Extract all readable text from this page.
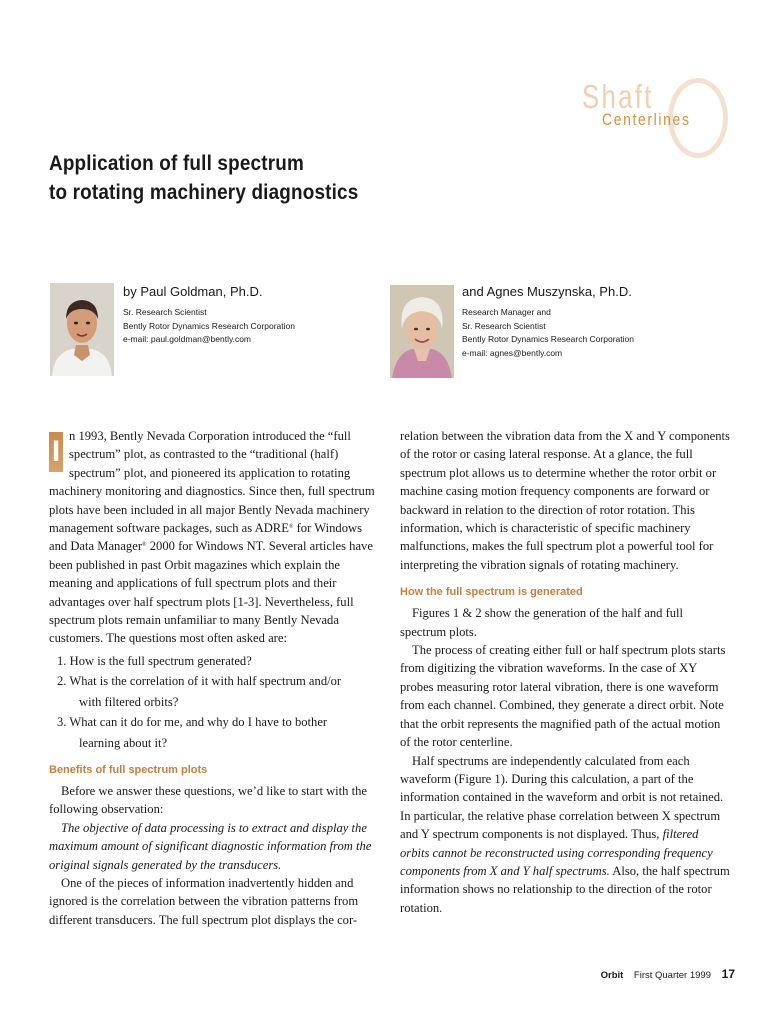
Shaft
Centerlines
Application of full spectrum
to rotating machinery diagnostics
by Paul Goldman, Ph.D.
Sr. Research Scientist
Bently Rotor Dynamics Research Corporation
e-mail: paul.goldman@bently.com
and Agnes Muszynska, Ph.D.
Research Manager and
Sr. Research Scientist
Bently Rotor Dynamics Research Corporation
e-mail: agnes@bently.com
I n 1993, Bently Nevada Corporation introduced the “full spectrum” plot, as contrasted to the “traditional (half) spectrum” plot, and pioneered its application to rotating machinery monitoring and diagnostics. Since then, full spectrum plots have been included in all major Bently Nevada machinery management software packages, such as ADRE® for Windows and Data Manager® 2000 for Windows NT. Several articles have been published in past Orbit magazines which explain the meaning and applications of full spectrum plots and their advantages over half spectrum plots [1-3]. Nevertheless, full spectrum plots remain unfamiliar to many Bently Nevada customers. The questions most often asked are:

1. How is the full spectrum generated?
2. What is the correlation of it with half spectrum and/or
with filtered orbits?
3. What can it do for me, and why do I have to bother
learning about it?
Benefits of full spectrum plots

Before we answer these questions, we’d like to start with the following observation:

The objective of data processing is to extract and display the maximum amount of significant diagnostic information from the original signals generated by the transducers.

One of the pieces of information inadvertently hidden and ignored is the correlation between the vibration patterns from different transducers. The full spectrum plot displays the cor-

relation between the vibration data from the X and Y components of the rotor or casing lateral response. At a glance, the full spectrum plot allows us to determine whether the rotor orbit or machine casing motion frequency components are forward or backward in relation to the direction of rotor rotation. This information, which is characteristic of specific machinery malfunctions, makes the full spectrum plot a powerful tool for interpreting the vibration signals of rotating machinery.

How the full spectrum is generated

Figures 1 & 2 show the generation of the half and full spectrum plots.

The process of creating either full or half spectrum plots starts from digitizing the vibration waveforms. In the case of XY probes measuring rotor lateral vibration, there is one waveform from each channel. Combined, they generate a direct orbit. Note that the orbit represents the magnified path of the actual motion of the rotor centerline.

Half spectrums are independently calculated from each waveform (Figure 1). During this calculation, a part of the information contained in the waveform and orbit is not retained. In particular, the relative phase correlation between X spectrum and Y spectrum components is not displayed. Thus, filtered orbits cannot be reconstructed using corresponding frequency components from X and Y half spectrums. Also, the half spectrum information shows no relationship to the direction of the rotor rotation.

Orbit First Quarter 1999 17
